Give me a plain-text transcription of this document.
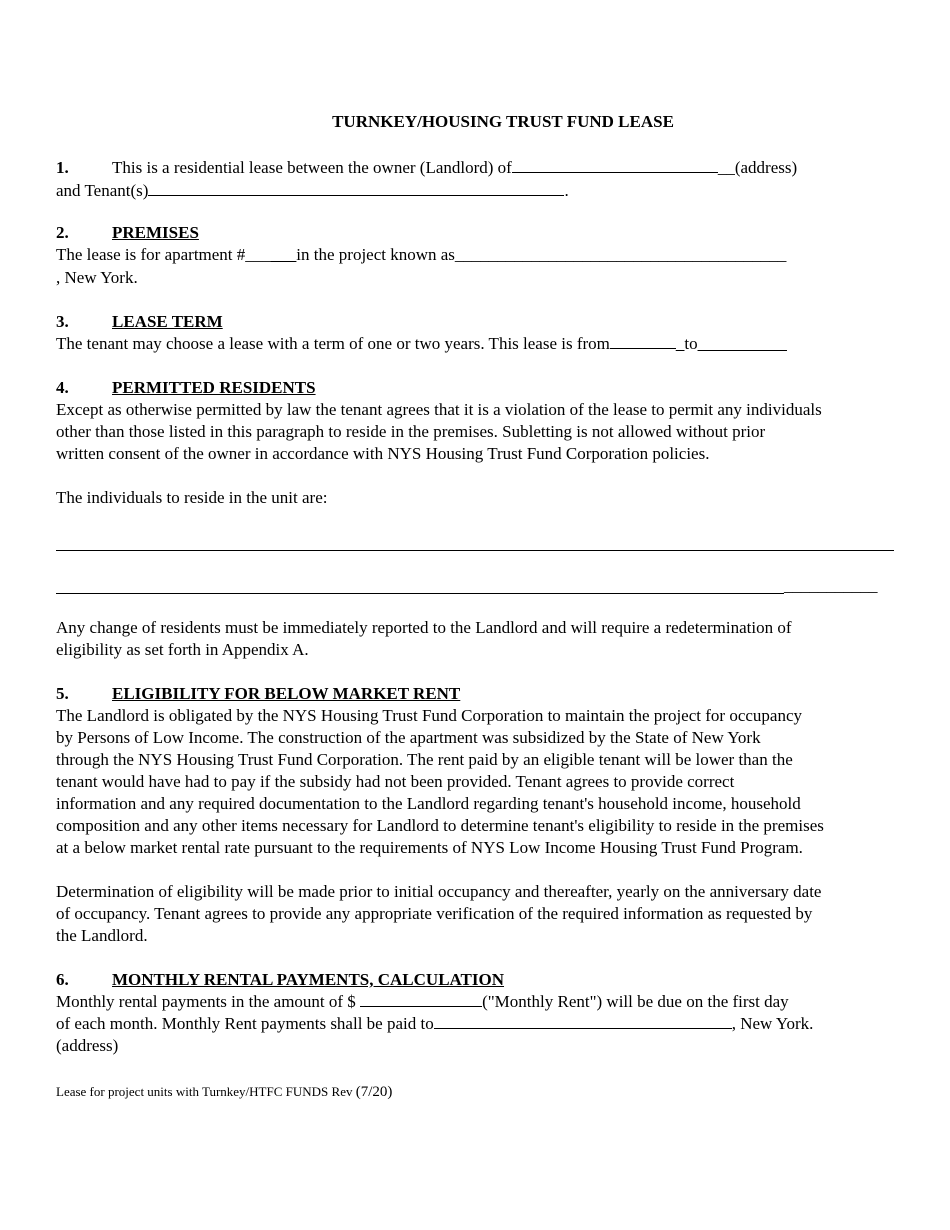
TURNKEY/HOUSING TRUST FUND LEASE
1.	This is a residential lease between the owner (Landlord) of	__(address)
and Tenant(s)	.
2.	PREMISES
The lease is for apartment #______in the project known as_______________________________________
, New York.
3.	LEASE TERM
The tenant may choose a lease with a term of one or two years. This lease is from	_to___   ______
4.	PERMITTED RESIDENTS
Except as otherwise permitted by law the tenant agrees that it is a violation of the lease to permit any individuals
other than those listed in this paragraph to reside in the premises. Subletting is not allowed without prior
written consent of the owner in accordance with NYS Housing Trust Fund Corporation policies.
The individuals to reside in the unit are:
___________
Any change of residents must be immediately reported to the Landlord and will require a redetermination of
eligibility as set forth in Appendix A.
5.	ELIGIBILITY FOR BELOW MARKET RENT
The Landlord is obligated by the NYS Housing Trust Fund Corporation to maintain the project for occupancy
by Persons of Low Income. The construction of the apartment was subsidized by the State of New York
through the NYS Housing Trust Fund Corporation. The rent paid by an eligible tenant will be lower than the
tenant would have had to pay if the subsidy had not been provided. Tenant agrees to provide correct
information and any required documentation to the Landlord regarding tenant's household income, household
composition and any other items necessary for Landlord to determine tenant's eligibility to reside in the premises
at a below market rental rate pursuant to the requirements of NYS Low Income Housing Trust Fund Program.
Determination of eligibility will be made prior to initial occupancy and thereafter, yearly on the anniversary date
of occupancy. Tenant agrees to provide any appropriate verification of the required information as requested by
the Landlord.
6.	MONTHLY RENTAL PAYMENTS, CALCULATION
Monthly rental payments in the amount of $	("Monthly Rent") will be due on the first day
of each month. Monthly Rent payments shall be paid to	, New York.
(address)
Lease for project units with Turnkey/HTFC FUNDS Rev (7/20)
